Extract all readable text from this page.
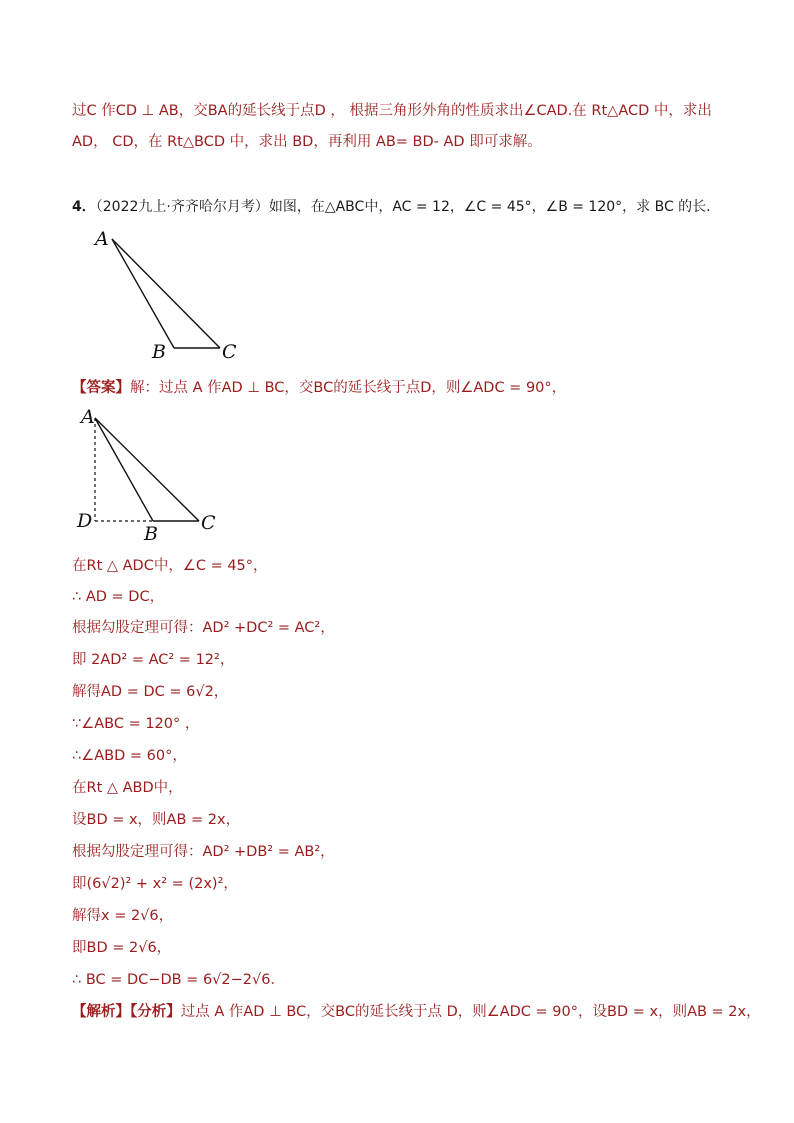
过C 作CD ⊥ AB，交BA的延长线于点D ， 根据三角形外角的性质求出∠CAD.在 Rt△ACD 中，求出
AD， CD，在 Rt△BCD 中，求出 BD，再利用 AB= BD- AD 即可求解。
4．（2022九上·齐齐哈尔月考）如图，在△ABC中，AC = 12，∠C = 45°，∠B = 120°，求 BC 的长．
A
B	C
【答案】解：过点 A 作AD ⊥ BC，交BC的延长线于点D，则∠ADC = 90°，
A
D
B C
在Rt △ ADC中，∠C = 45°，
∴ AD = DC，
根据勾股定理可得：AD² +DC² = AC²，
即 2AD² = AC² = 12²，
解得AD = DC = 6√2，
∵∠ABC = 120° ，
∴∠ABD = 60°，
在Rt △ ABD中，
设BD = x，则AB = 2x，
根据勾股定理可得：AD² +DB² = AB²，
即(6√2)² + x² = (2x)²，
解得x = 2√6，
即BD = 2√6，
∴ BC = DC−DB = 6√2−2√6．
【解析】【分析】过点 A 作AD ⊥ BC，交BC的延长线于点 D，则∠ADC = 90°，设BD = x，则AB = 2x，
